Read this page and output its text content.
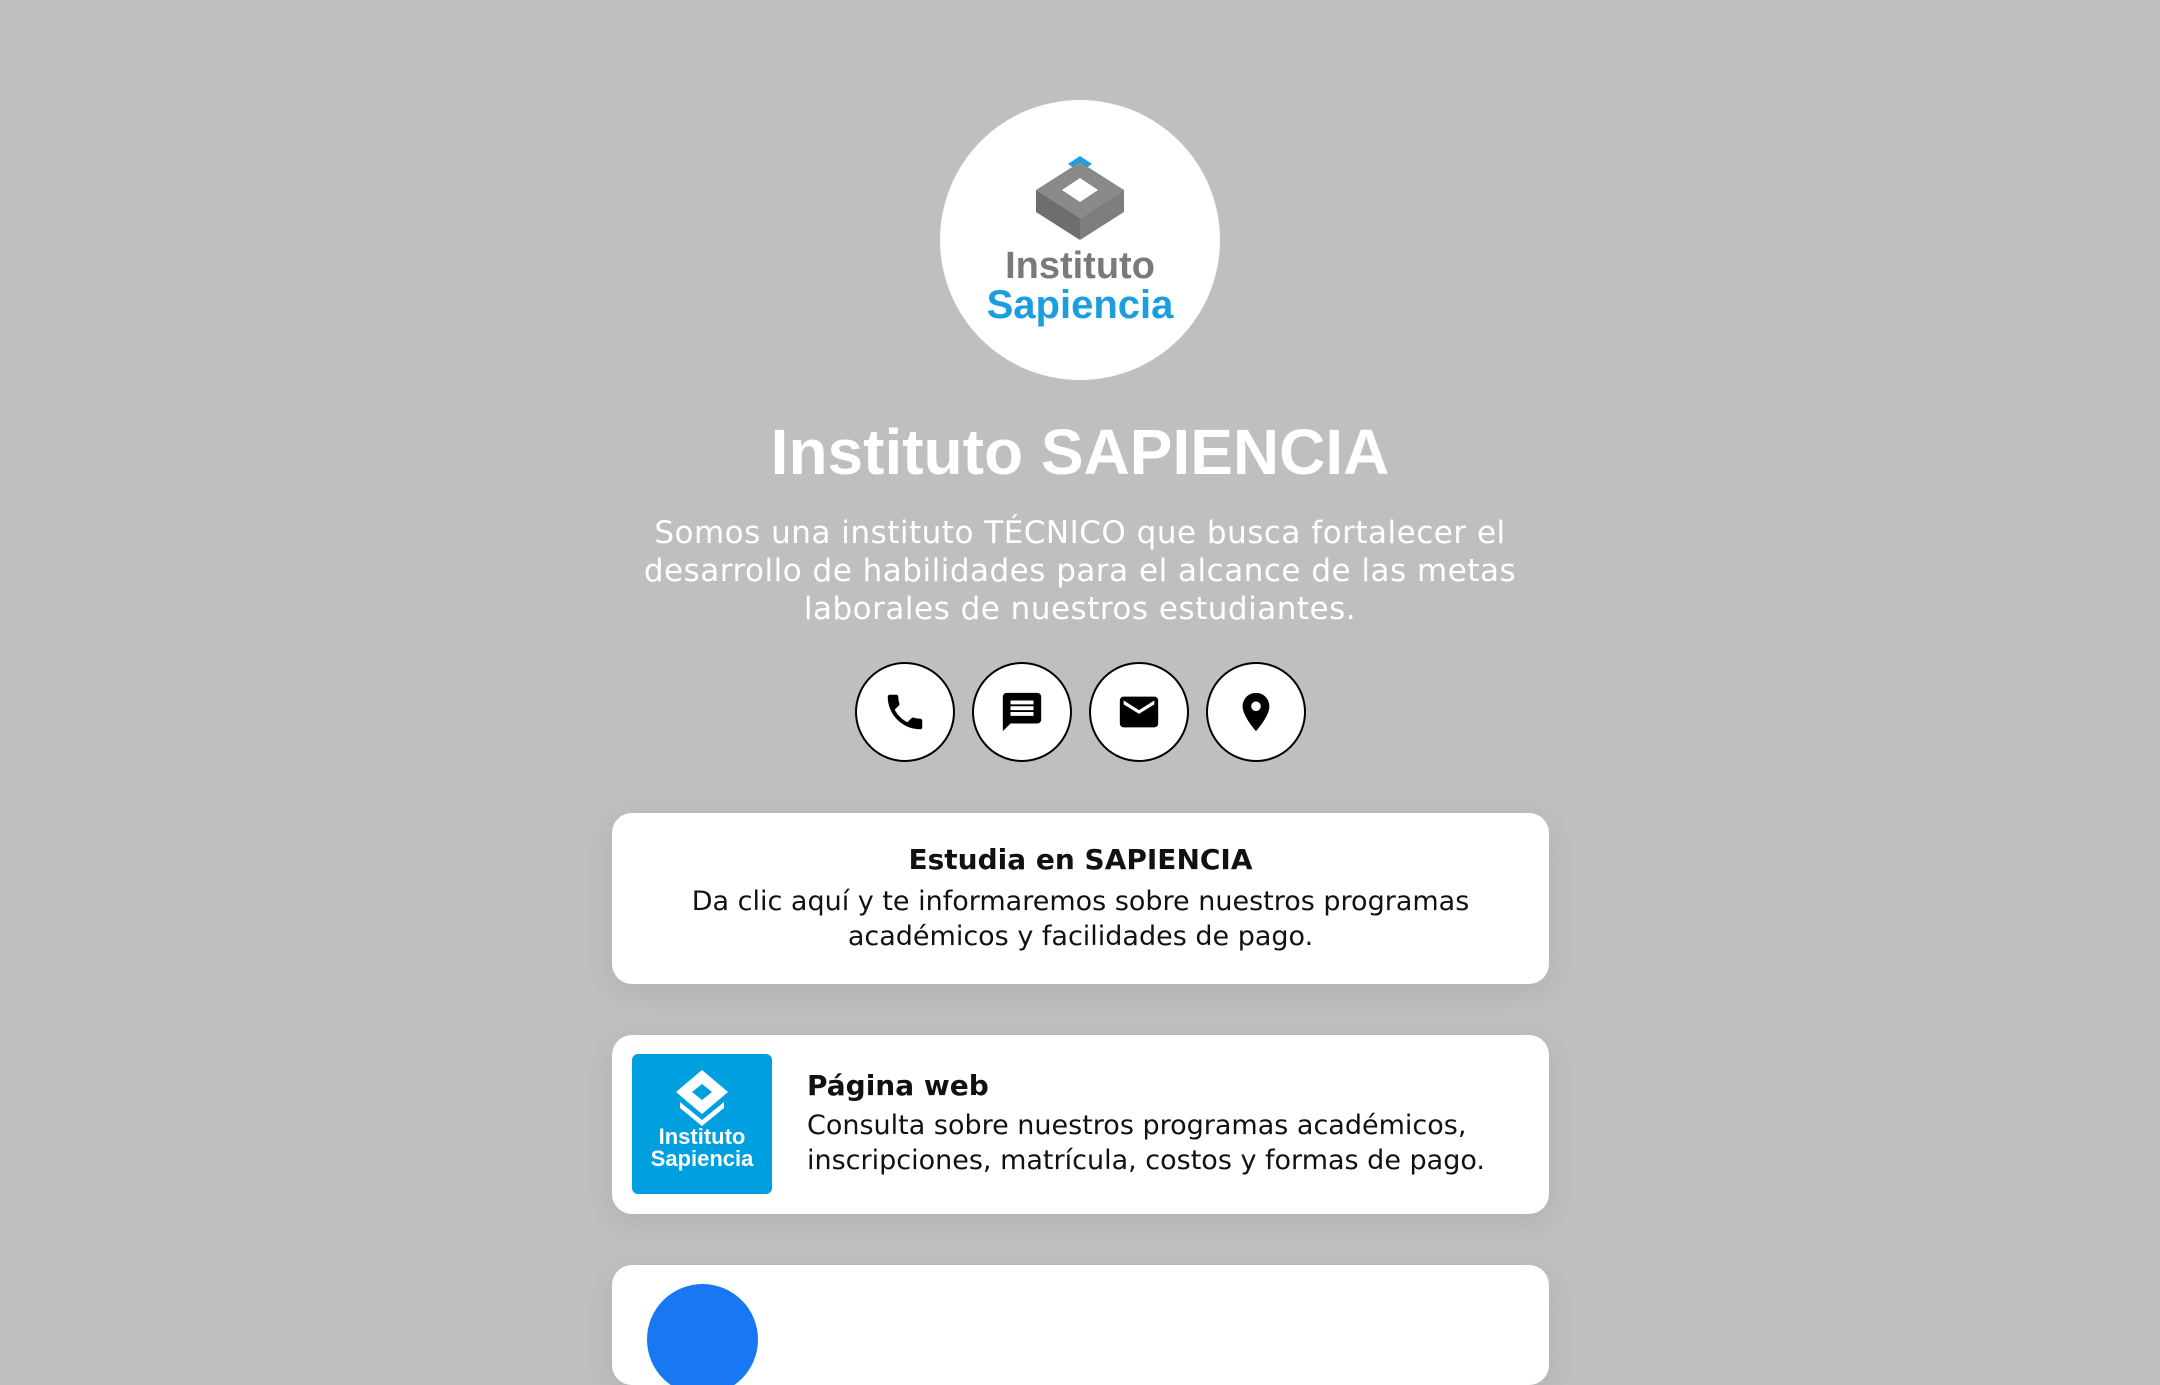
Instituto
Sapiencia
Instituto SAPIENCIA
Somos una instituto TÉCNICO que busca fortalecer el desarrollo de habilidades para el alcance de las metas laborales de nuestros estudiantes.
Estudia en SAPIENCIA
Da clic aquí y te informaremos sobre nuestros programas académicos y facilidades de pago.
Instituto
Sapiencia
Página web
Consulta sobre nuestros programas académicos, inscripciones, matrícula, costos y formas de pago.
